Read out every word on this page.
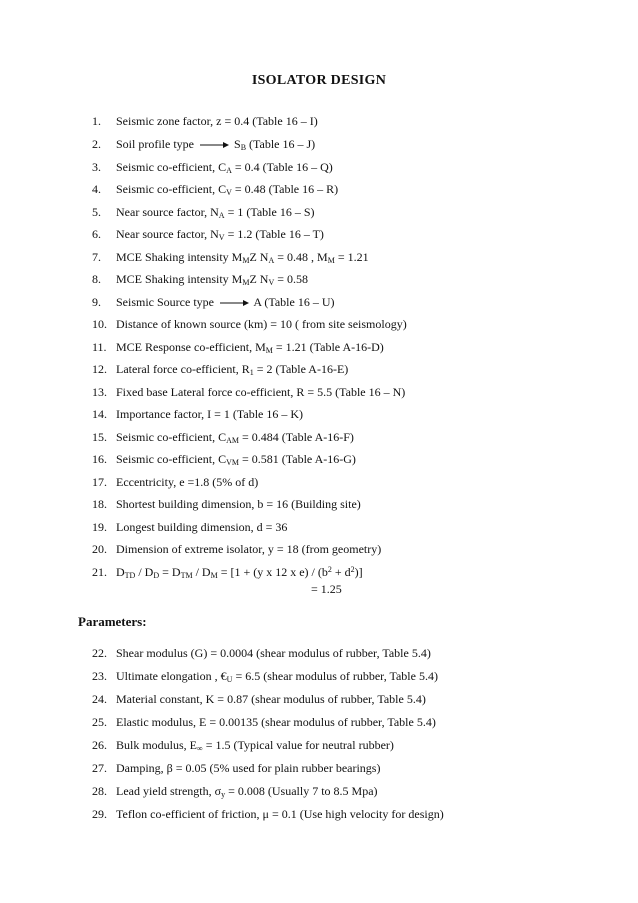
ISOLATOR DESIGN
1. Seismic zone factor, z = 0.4 (Table 16 – I)
2. Soil profile type	$S_B$ (Table 16 – J)
3. Seismic co-efficient, $C_A = 0.4$ (Table 16 – Q)
4. Seismic co-efficient, $C_V = 0.48$ (Table 16 – R)
5. Near source factor, $N_A = 1$ (Table 16 – S)
6. Near source factor, $N_V = 1.2$ (Table 16 – T)
7. MCE Shaking intensity $M_MZ$ $N_A = 0.48$ , $M_M = 1.21$
8. MCE Shaking intensity $M_MZ$ $N_V = 0.58$
9. Seismic Source type	A (Table 16 – U)
10. Distance of known source (km) = 10 ( from site seismology)
11. MCE Response co-efficient, $M_M = 1.21$ (Table A-16-D)
12. Lateral force co-efficient, $R_1 = 2$ (Table A-16-E)
13. Fixed base Lateral force co-efficient, R = 5.5 (Table 16 – N)
14. Importance factor, I = 1 (Table 16 – K)
15. Seismic co-efficient, $C_{AM} = 0.484$ (Table A-16-F)
16. Seismic co-efficient, $C_{VM} = 0.581$ (Table A-16-G)
17. Eccentricity, e =1.8 (5% of d)
18. Shortest building dimension, b = 16 (Building site)
19. Longest building dimension, d = 36
20. Dimension of extreme isolator, y = 18 (from geometry)
21. $D_{TD} / D_D = D_{TM} / D_M = [1 + (y$ x 12 x $e) / (b^2 + d^2)$]
= 1.25
Parameters:
22. Shear modulus (G) = 0.0004 (shear modulus of rubber, Table 5.4)
23. Ultimate elongation , $€_U = 6.5$ (shear modulus of rubber, Table 5.4)
24. Material constant, K = 0.87 (shear modulus of rubber, Table 5.4)
25. Elastic modulus, E = 0.00135 (shear modulus of rubber, Table 5.4)
26. Bulk modulus, $E_\infty = 1.5$ (Typical value for neutral rubber)
27. Damping, β = 0.05 (5% used for plain rubber bearings)
28. Lead yield strength, $\sigma_y = 0.008$ (Usually 7 to 8.5 Mpa)
29. Teflon co-efficient of friction, μ = 0.1 (Use high velocity for design)
